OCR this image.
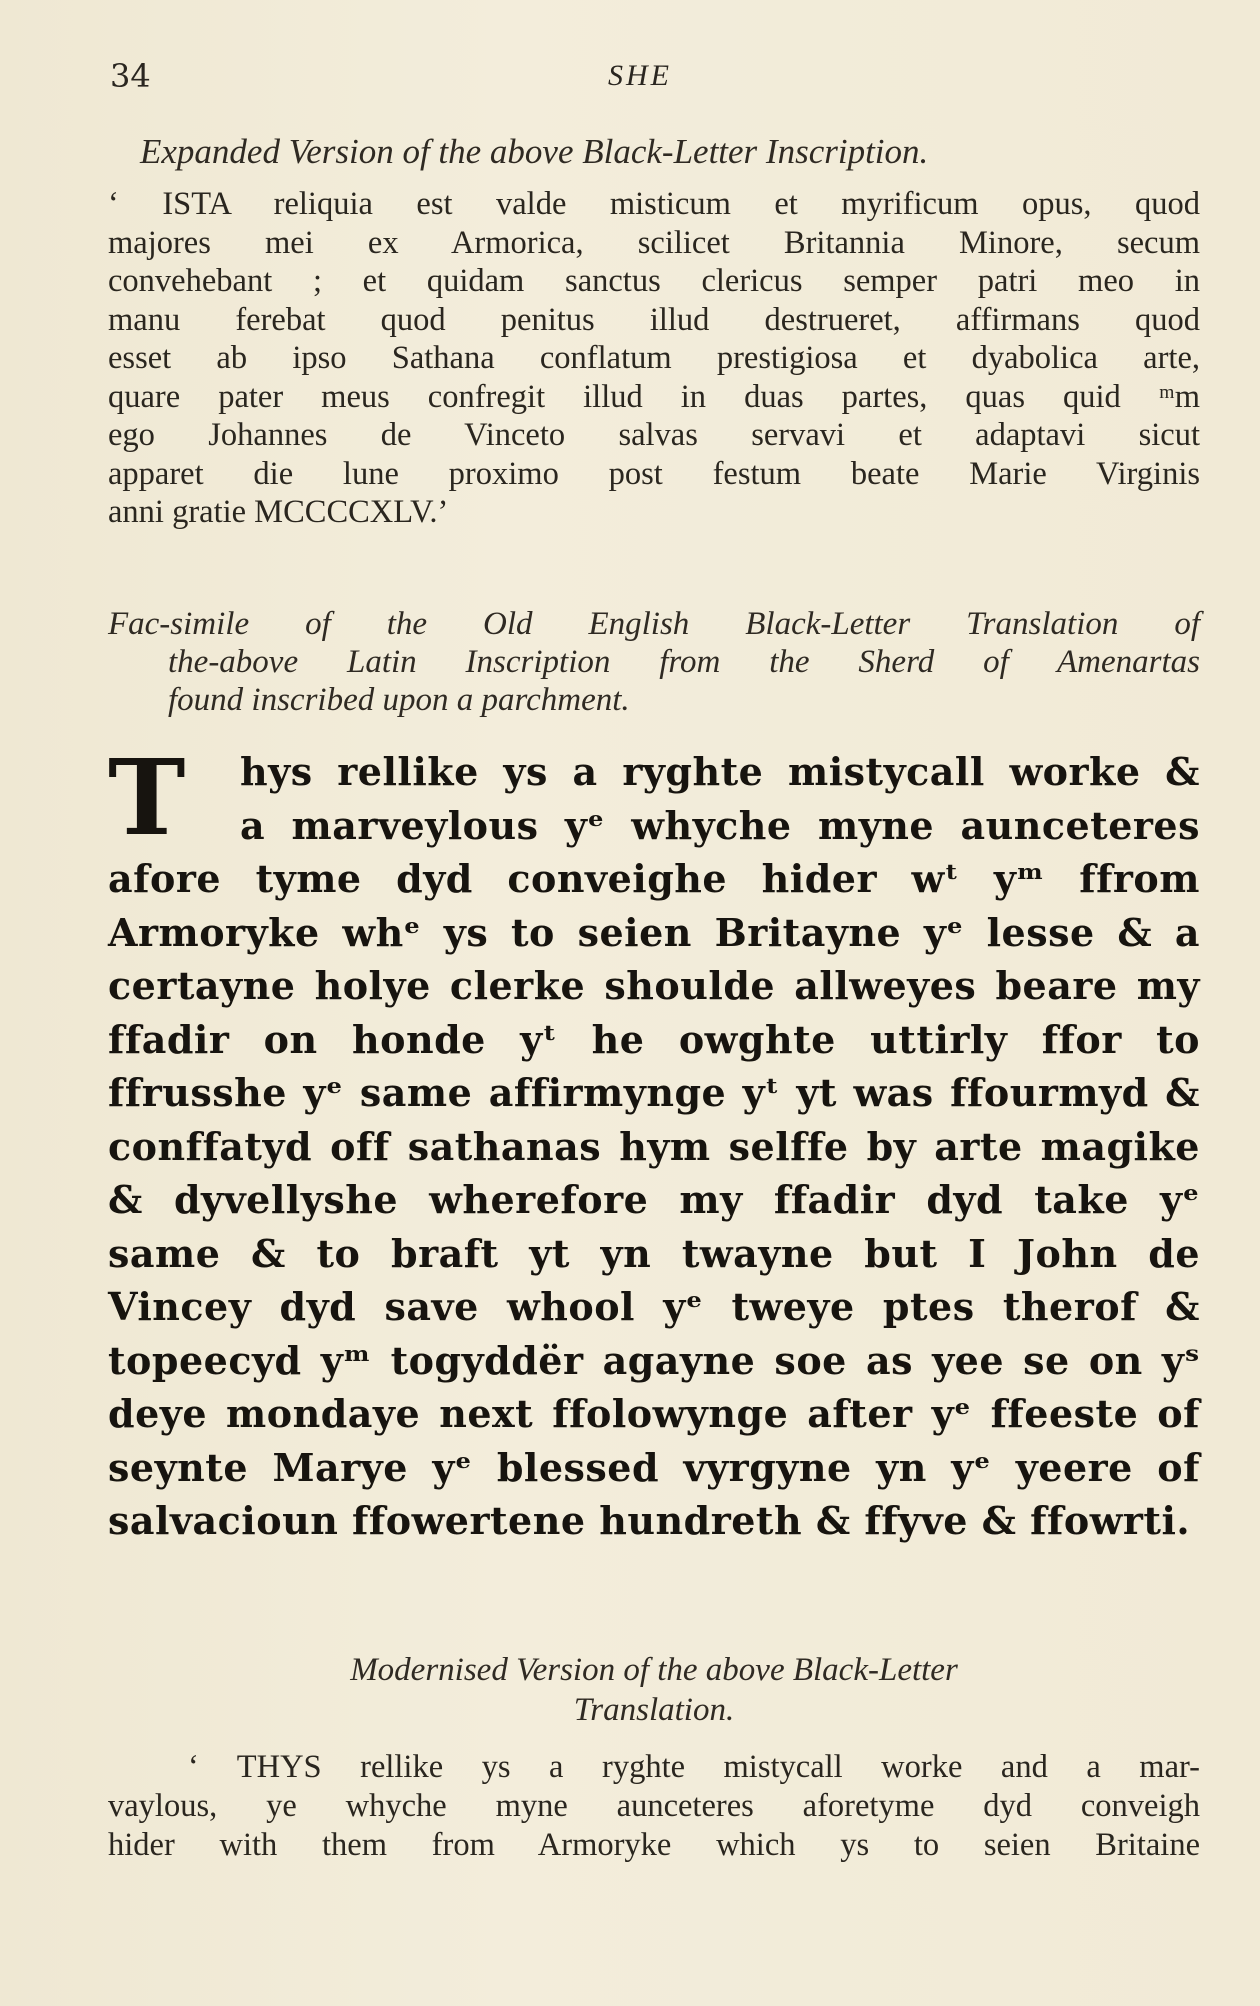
34	SHE
Expanded Version of the above Black-Letter Inscription.
‘ ISTA reliquia est valde misticum et myrificum opus, quod
majores mei ex Armorica, scilicet Britannia Minore, secum
convehebant ; et quidam sanctus clericus semper patri meo in
manu ferebat quod penitus illud destrueret, affirmans quod
esset ab ipso Sathana conflatum prestigiosa et dyabolica arte,
quare pater meus confregit illud in duas partes, quas quid ᵐm
ego Johannes de Vinceto salvas servavi et adaptavi sicut
apparet die lune proximo post festum beate Marie Virginis
anni gratie MCCCCXLV.’
Fac-simile of the Old English Black-Letter Translation of
the-above Latin Inscription from the Sherd of Amenartas
found inscribed upon a parchment.
T	hys rellike ys a ryghte mistycall worke &
a marveylous yᵉ whyche myne aunceteres
afore tyme dyd conveighe hider wᵗ yᵐ ffrom
Armoryke whᵉ ys to seien Britayne yᵉ lesse & a
certayne holye clerke shoulde allweyes beare my
ffadir on honde yᵗ he owghte uttirly ffor to
ffrusshe yᵉ same affirmynge yᵗ yt was ffourmyd &
conffatyd off sathanas hym selffe by arte magike
& dyvellyshe wherefore my ffadir dyd take yᵉ
same & to braft yt yn twayne but I John de
Vincey dyd save whool yᵉ tweye ptes therof &
topeecyd yᵐ togyddër agayne soe as yee se on yˢ
deye mondaye next ffolowynge after yᵉ ffeeste of
seynte Marye yᵉ blessed vyrgyne yn yᵉ yeere of
salvacioun ffowertene hundreth & ffyve & ffowrti.
Modernised Version of the above Black-Letter
Translation.
‘ THYS rellike ys a ryghte mistycall worke and a mar-
vaylous, ye whyche myne aunceteres aforetyme dyd conveigh
hider with them from Armoryke which ys to seien Britaine
